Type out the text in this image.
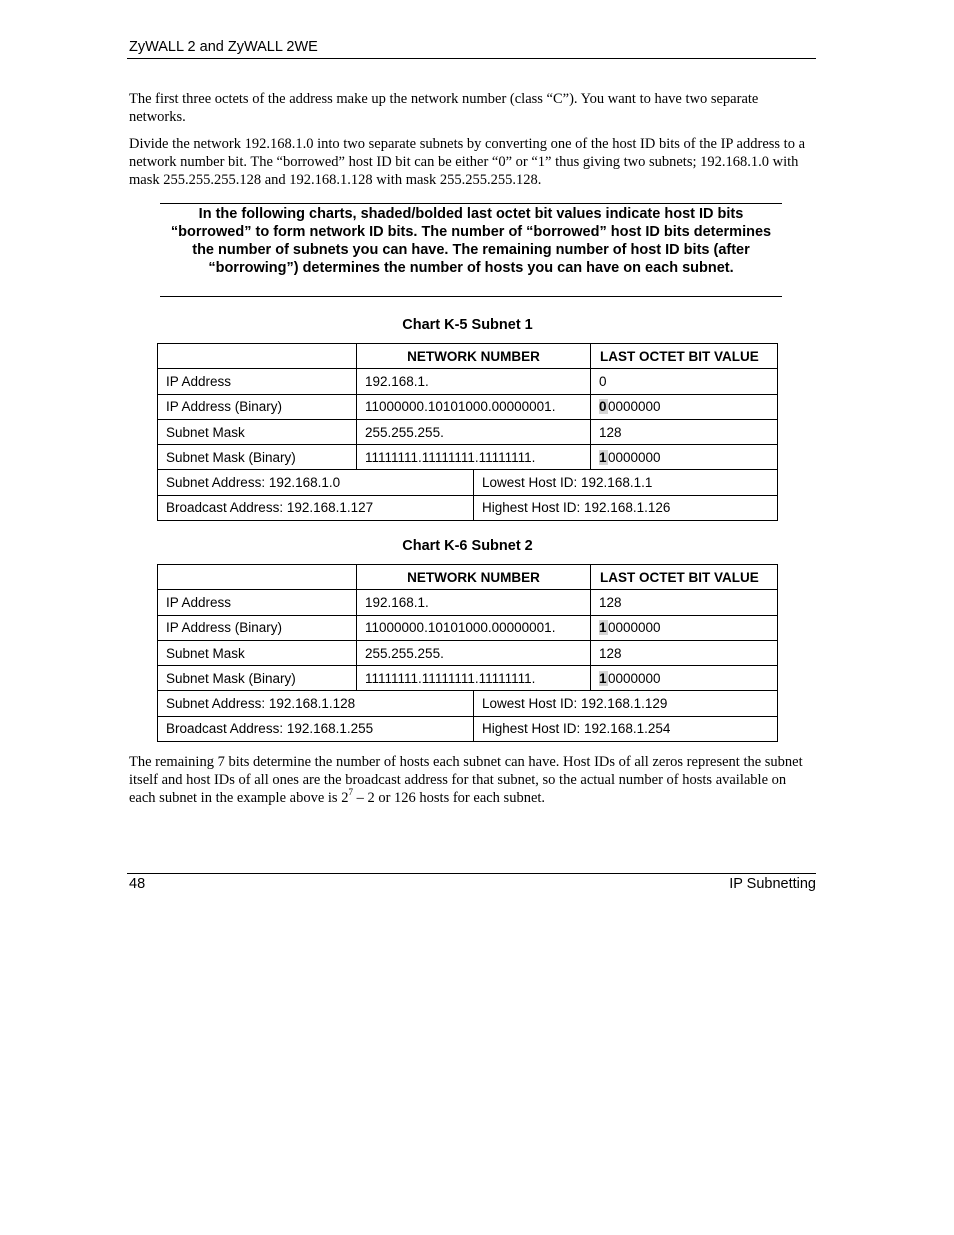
ZyWALL 2 and ZyWALL 2WE

The first three octets of the address make up the network number (class “C”). You want to have two separate networks.

Divide the network 192.168.1.0 into two separate subnets by converting one of the host ID bits of the IP address to a network number bit. The “borrowed” host ID bit can be either “0” or “1” thus giving two subnets; 192.168.1.0 with mask 255.255.255.128 and 192.168.1.128 with mask 255.255.255.128.

In the following charts, shaded/bolded last octet bit values indicate host ID bits “borrowed” to form network ID bits. The number of “borrowed” host ID bits determines the number of subnets you can have. The remaining number of host ID bits (after “borrowing”) determines the number of hosts you can have on each subnet.
Chart K-5 Subnet 1
	NETWORK NUMBER		LAST OCTET BIT VALUE
IP Address	192.168.1.		0
IP Address (Binary)	11000000.10101000.00000001.		00000000
Subnet Mask	255.255.255.		128
Subnet Mask (Binary)	11111111.11111111.11111111.		10000000
Subnet Address: 192.168.1.0		Lowest Host ID: 192.168.1.1	
Broadcast Address: 192.168.1.127		Highest Host ID: 192.168.1.126	
Chart K-6 Subnet 2
	NETWORK NUMBER		LAST OCTET BIT VALUE
IP Address	192.168.1.		128
IP Address (Binary)	11000000.10101000.00000001.		10000000
Subnet Mask	255.255.255.		128
Subnet Mask (Binary)	11111111.11111111.11111111.		10000000
Subnet Address: 192.168.1.128		Lowest Host ID: 192.168.1.129	
Broadcast Address: 192.168.1.255		Highest Host ID: 192.168.1.254	

The remaining 7 bits determine the number of hosts each subnet can have. Host IDs of all zeros represent the subnet itself and host IDs of all ones are the broadcast address for that subnet, so the actual number of hosts available on each subnet in the example above is $2^7 - 2$ or 126 hosts for each subnet.

48	IP Subnetting
